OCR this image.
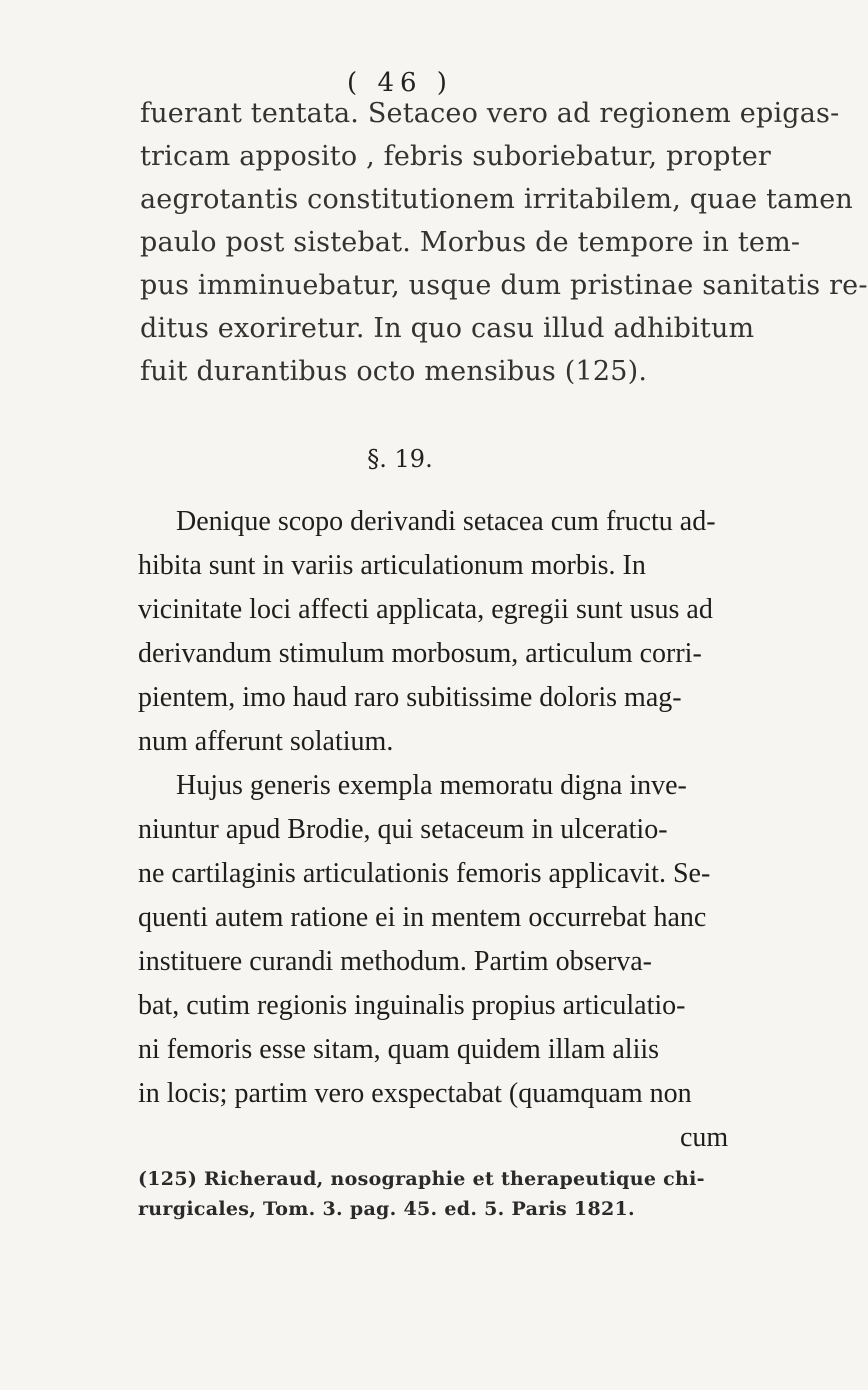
( 46 )
fuerant tentata. Setaceo vero ad regionem epigas-
tricam apposito , febris suboriebatur, propter
aegrotantis constitutionem irritabilem, quae tamen
paulo post sistebat. Morbus de tempore in tem-
pus imminuebatur, usque dum pristinae sanitatis re-
ditus exoriretur. In quo casu illud adhibitum
fuit durantibus octo mensibus (125).
§. 19.
Denique scopo derivandi setacea cum fructu ad-
hibita sunt in variis articulationum morbis. In
vicinitate loci affecti applicata, egregii sunt usus ad
derivandum stimulum morbosum, articulum corri-
pientem, imo haud raro subitissime doloris mag-
num afferunt solatium.
Hujus generis exempla memoratu digna inve-
niuntur apud Brodie, qui setaceum in ulceratio-
ne cartilaginis articulationis femoris applicavit. Se-
quenti autem ratione ei in mentem occurrebat hanc
instituere curandi methodum. Partim observa-
bat, cutim regionis inguinalis propius articulatio-
ni femoris esse sitam, quam quidem illam aliis
in locis; partim vero exspectabat (quamquam non
cum
(125) Richeraud, nosographie et therapeutique chi-
rurgicales, Tom. 3. pag. 45. ed. 5. Paris 1821.
